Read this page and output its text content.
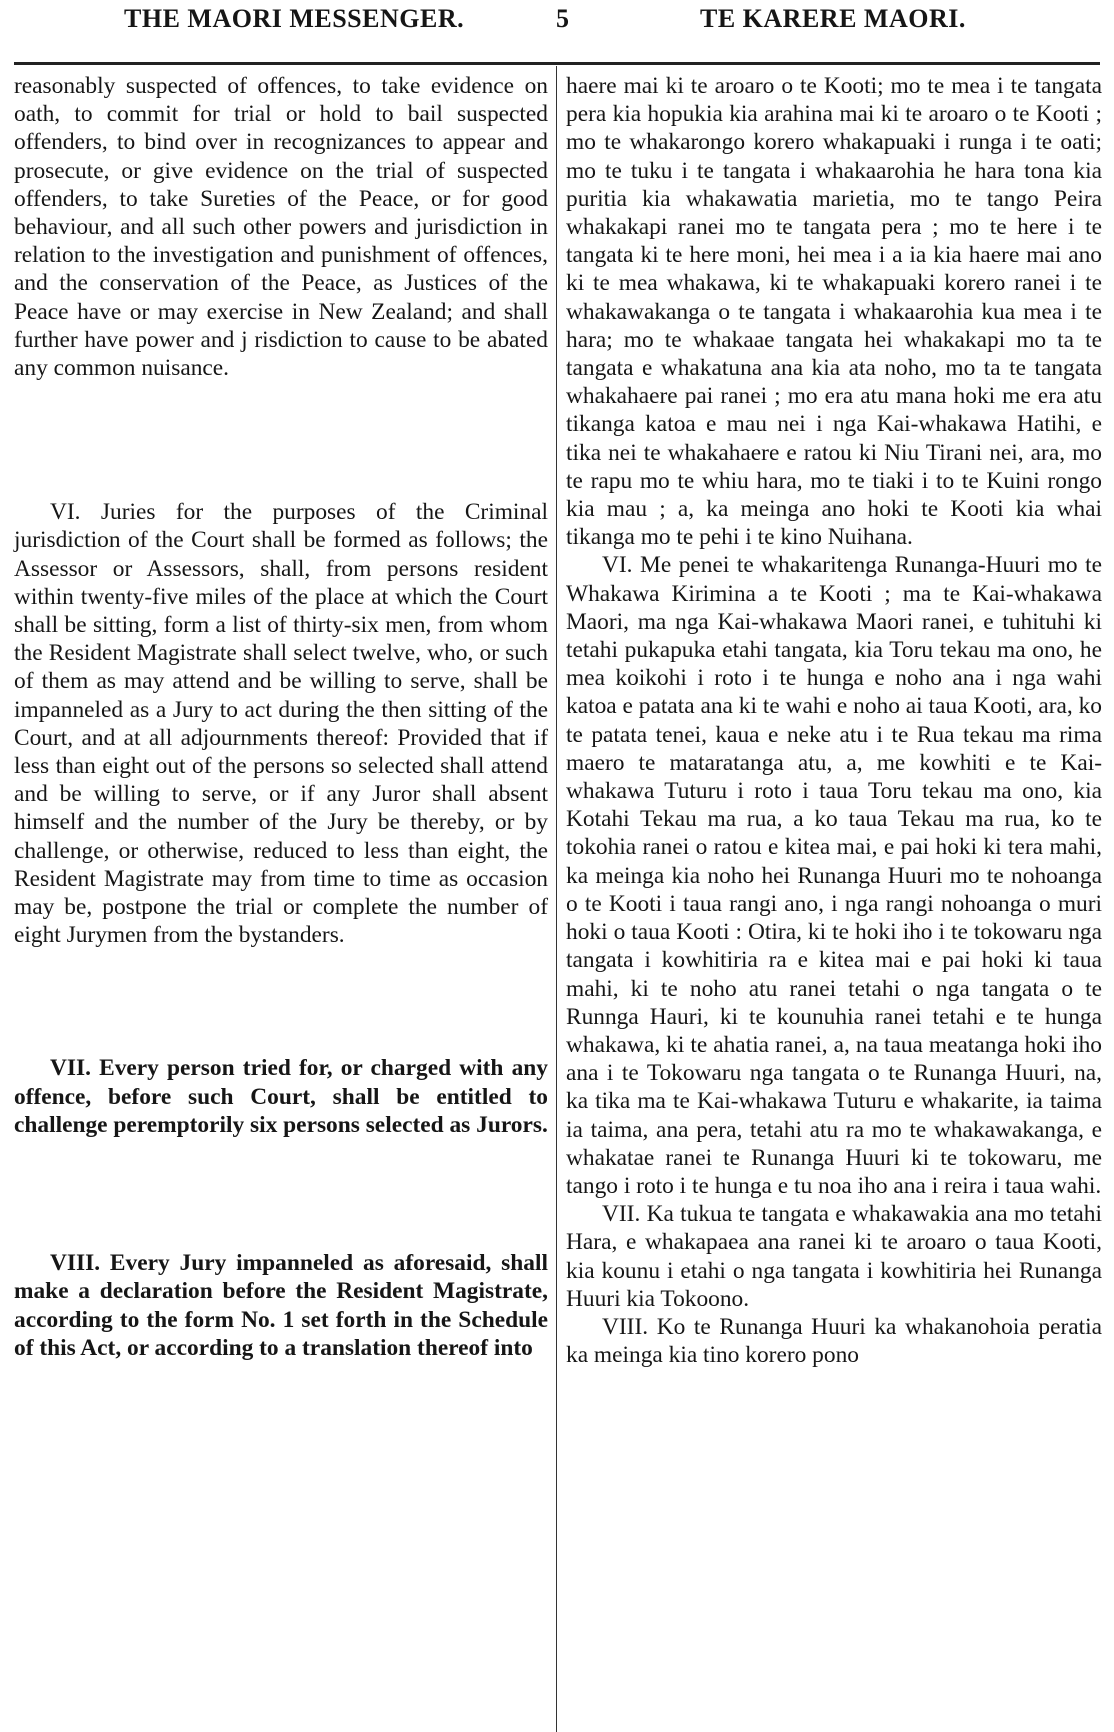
THE MAORI MESSENGER.	5	TE KARERE MAORI.

reasonably suspected of offences, to take evidence on oath, to commit for trial or hold to bail suspected offenders, to bind over in recognizances to appear and prosecute, or give evidence on the trial of suspected offenders, to take Sureties of the Peace, or for good behaviour, and all such other powers and jurisdiction in relation to the investigation and punishment of offences, and the conservation of the Peace, as Justices of the Peace have or may exercise in New Zealand; and shall further have power and j risdiction to cause to be abated any common nuisance.

VI. Juries for the purposes of the Criminal jurisdiction of the Court shall be formed as follows; the Assessor or Assessors, shall, from persons resident within twenty-five miles of the place at which the Court shall be sitting, form a list of thirty-six men, from whom the Resident Magistrate shall select twelve, who, or such of them as may attend and be willing to serve, shall be impanneled as a Jury to act during the then sitting of the Court, and at all adjournments thereof: Provided that if less than eight out of the persons so selected shall attend and be willing to serve, or if any Juror shall absent himself and the number of the Jury be thereby, or by challenge, or otherwise, reduced to less than eight, the Resident Magistrate may from time to time as occasion may be, postpone the trial or complete the number of eight Jurymen from the bystanders.

VII. Every person tried for, or charged with any offence, before such Court, shall be entitled to challenge peremptorily six persons selected as Jurors.

VIII. Every Jury impanneled as aforesaid, shall make a declaration before the Resident Magistrate, according to the form No. 1 set forth in the Schedule of this Act, or according to a translation thereof into

haere mai ki te aroaro o te Kooti; mo te mea i te tangata pera kia hopukia kia arahina mai ki te aroaro o te Kooti ; mo te whakarongo korero whakapuaki i runga i te oati; mo te tuku i te tangata i whakaarohia he hara tona kia puritia kia whakawatia marietia, mo te tango Peira whakakapi ranei mo te tangata pera ; mo te here i te tangata ki te here moni, hei mea i a ia kia haere mai ano ki te mea whakawa, ki te whakapuaki korero ranei i te whakawakanga o te tangata i whakaarohia kua mea i te hara; mo te whakaae tangata hei whakakapi mo ta te tangata e whakatuna ana kia ata noho, mo ta te tangata whakahaere pai ranei ; mo era atu mana hoki me era atu tikanga katoa e mau nei i nga Kai-whakawa Hatihi, e tika nei te whakahaere e ratou ki Niu Tirani nei, ara, mo te rapu mo te whiu hara, mo te tiaki i to te Kuini rongo kia mau ; a, ka meinga ano hoki te Kooti kia whai tikanga mo te pehi i te kino Nuihana.

VI. Me penei te whakaritenga Runanga-Huuri mo te Whakawa Kirimina a te Kooti ; ma te Kai-whakawa Maori, ma nga Kai-whakawa Maori ranei, e tuhituhi ki tetahi pukapuka etahi tangata, kia Toru tekau ma ono, he mea koikohi i roto i te hunga e noho ana i nga wahi katoa e patata ana ki te wahi e noho ai taua Kooti, ara, ko te patata tenei, kaua e neke atu i te Rua tekau ma rima maero te mataratanga atu, a, me kowhiti e te Kai-whakawa Tuturu i roto i taua Toru tekau ma ono, kia Kotahi Tekau ma rua, a ko taua Tekau ma rua, ko te tokohia ranei o ratou e kitea mai, e pai hoki ki tera mahi, ka meinga kia noho hei Runanga Huuri mo te nohoanga o te Kooti i taua rangi ano, i nga rangi nohoanga o muri hoki o taua Kooti : Otira, ki te hoki iho i te tokowaru nga tangata i kowhitiria ra e kitea mai e pai hoki ki taua mahi, ki te noho atu ranei tetahi o nga tangata o te Runnga Hauri, ki te kounuhia ranei tetahi e te hunga whakawa, ki te ahatia ranei, a, na taua meatanga hoki iho ana i te Tokowaru nga tangata o te Runanga Huuri, na, ka tika ma te Kai-whakawa Tuturu e whakarite, ia taima ia taima, ana pera, tetahi atu ra mo te whakawakanga, e whakatae ranei te Runanga Huuri ki te tokowaru, me tango i roto i te hunga e tu noa iho ana i reira i taua wahi.

VII. Ka tukua te tangata e whakawakia ana mo tetahi Hara, e whakapaea ana ranei ki te aroaro o taua Kooti, kia kounu i etahi o nga tangata i kowhitiria hei Runanga Huuri kia Tokoono.

VIII. Ko te Runanga Huuri ka whakanohoia peratia ka meinga kia tino korero pono
